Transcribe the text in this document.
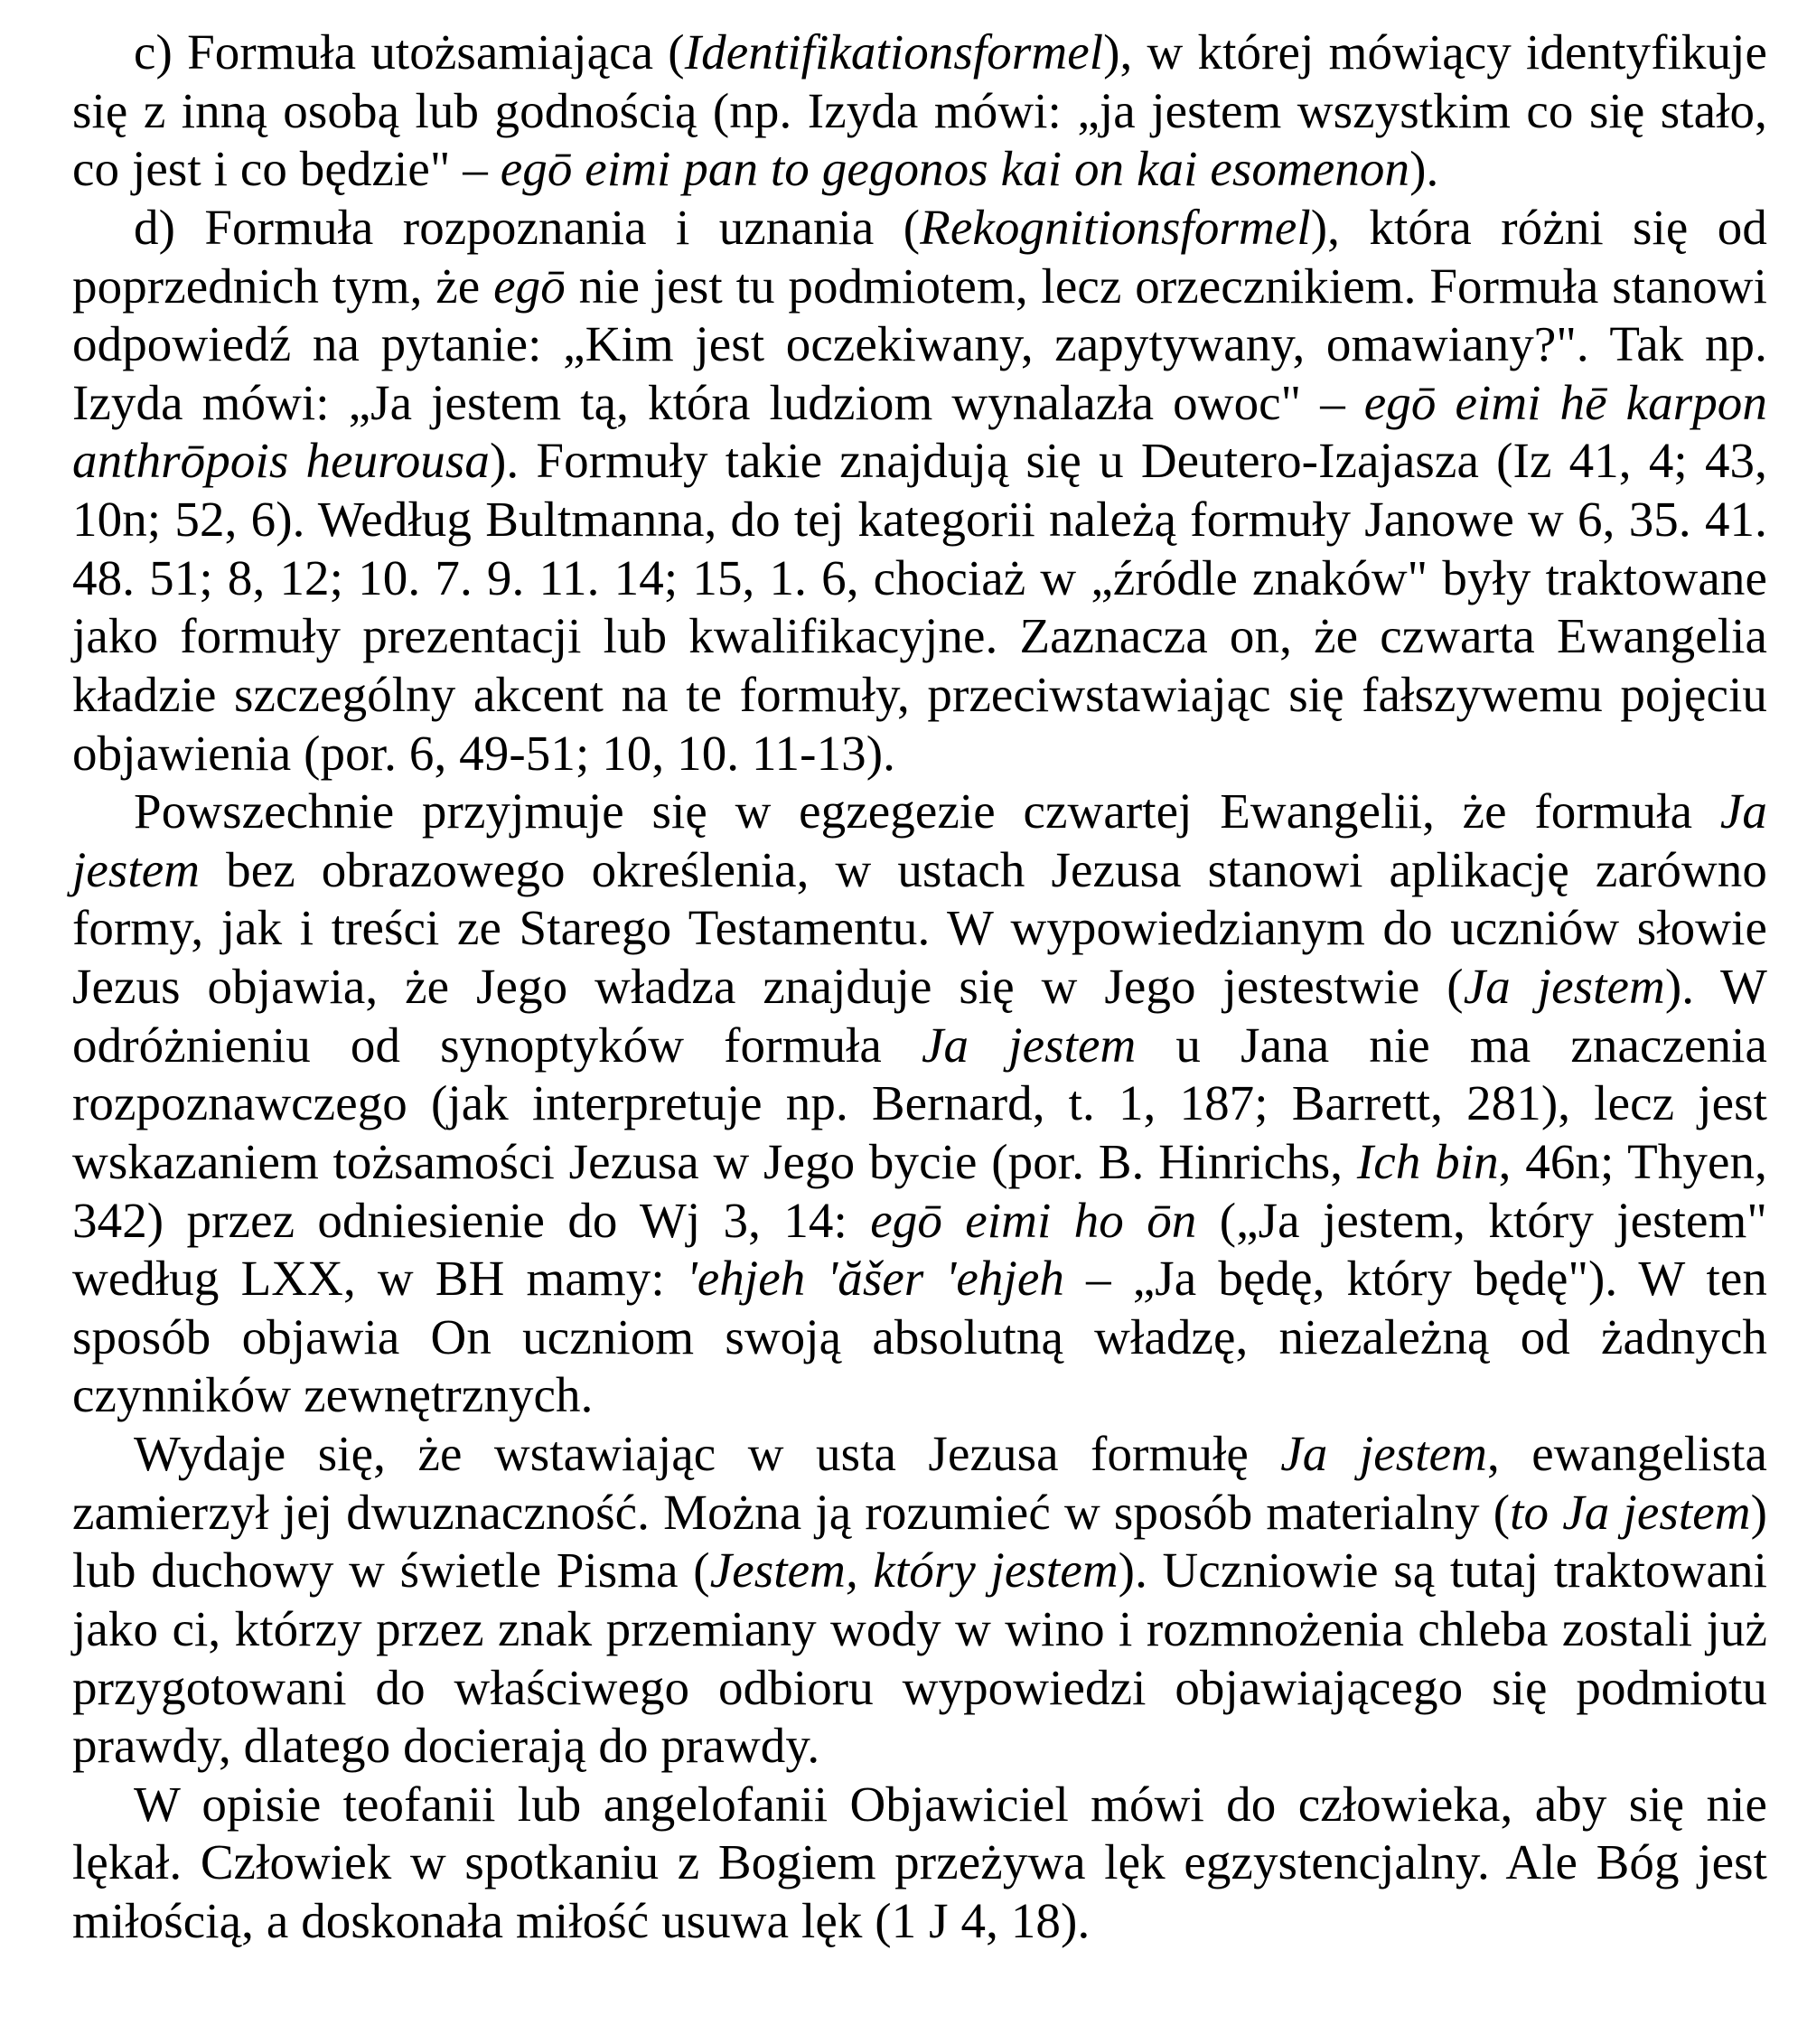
c) Formuła utożsamiająca (Identifikationsformel), w której mówiący identyfikuje się z inną osobą lub godnością (np. Izyda mówi: „ja jestem wszystkim co się stało, co jest i co będzie" – egō eimi pan to gegonos kai on kai esomenon).

d) Formuła rozpoznania i uznania (Rekognitionsformel), która różni się od poprzednich tym, że egō nie jest tu podmiotem, lecz orzecznikiem. Formuła stanowi odpowiedź na pytanie: „Kim jest oczekiwany, zapytywany, omawiany?". Tak np. Izyda mówi: „Ja jestem tą, która ludziom wynalazła owoc" – egō eimi hē karpon anthrōpois heurousa). Formuły takie znajdują się u Deutero-Izajasza (Iz 41, 4; 43, 10n; 52, 6). Według Bultmanna, do tej kategorii należą formuły Janowe w 6, 35. 41. 48. 51; 8, 12; 10. 7. 9. 11. 14; 15, 1. 6, chociaż w „źródle znaków" były traktowane jako formuły prezentacji lub kwalifikacyjne. Zaznacza on, że czwarta Ewangelia kładzie szczególny akcent na te formuły, przeciwstawiając się fałszywemu pojęciu objawienia (por. 6, 49-51; 10, 10. 11-13).

Powszechnie przyjmuje się w egzegezie czwartej Ewangelii, że formuła Ja jestem bez obrazowego określenia, w ustach Jezusa stanowi aplikację zarówno formy, jak i treści ze Starego Testamentu. W wypowiedzianym do uczniów słowie Jezus objawia, że Jego władza znajduje się w Jego jestestwie (Ja jestem). W odróżnieniu od synoptyków formuła Ja jestem u Jana nie ma znaczenia rozpoznawczego (jak interpretuje np. Bernard, t. 1, 187; Barrett, 281), lecz jest wskazaniem tożsamości Jezusa w Jego bycie (por. B. Hinrichs, Ich bin, 46n; Thyen, 342) przez odniesienie do Wj 3, 14: egō eimi ho ōn („Ja jestem, który jestem" według LXX, w BH mamy: 'ehjeh 'ăšer 'ehjeh – „Ja będę, który będę"). W ten sposób objawia On uczniom swoją absolutną władzę, niezależną od żadnych czynników zewnętrznych.

Wydaje się, że wstawiając w usta Jezusa formułę Ja jestem, ewangelista zamierzył jej dwuznaczność. Można ją rozumieć w sposób materialny (to Ja jestem) lub duchowy w świetle Pisma (Jestem, który jestem). Uczniowie są tutaj traktowani jako ci, którzy przez znak przemiany wody w wino i rozmnożenia chleba zostali już przygotowani do właściwego odbioru wypowiedzi objawiającego się podmiotu prawdy, dlatego docierają do prawdy.

W opisie teofanii lub angelofanii Objawiciel mówi do człowieka, aby się nie lękał. Człowiek w spotkaniu z Bogiem przeżywa lęk egzystencjalny. Ale Bóg jest miłością, a doskonała miłość usuwa lęk (1 J 4, 18).
